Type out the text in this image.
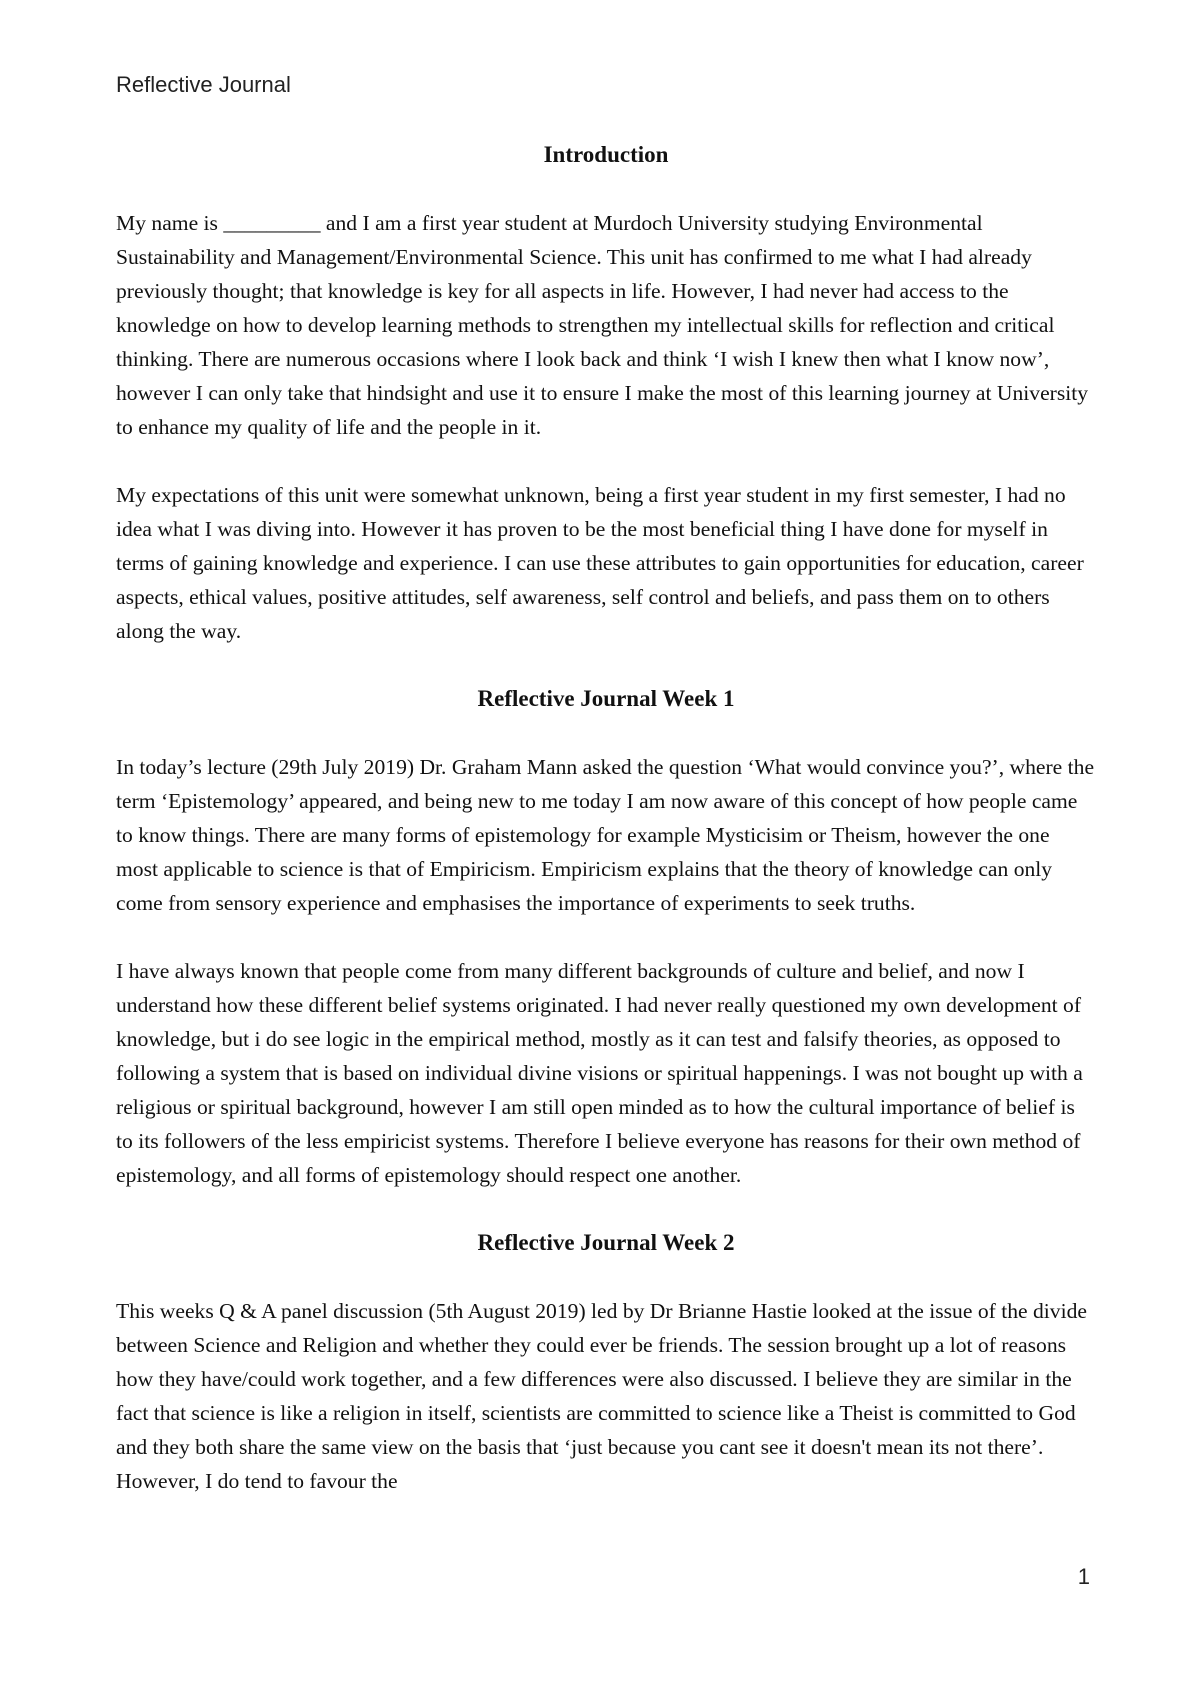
Reflective Journal
Introduction

My name is _________ and I am a first year student at Murdoch University studying Environmental Sustainability and Management/Environmental Science. This unit has confirmed to me what I had already previously thought; that knowledge is key for all aspects in life. However, I had never had access to the knowledge on how to develop learning methods to strengthen my intellectual skills for reflection and critical thinking. There are numerous occasions where I look back and think ‘I wish I knew then what I know now’, however I can only take that hindsight and use it to ensure I make the most of this learning journey at University to enhance my quality of life and the people in it.

My expectations of this unit were somewhat unknown, being a first year student in my first semester, I had no idea what I was diving into. However it has proven to be the most beneficial thing I have done for myself in terms of gaining knowledge and experience. I can use these attributes to gain opportunities for education, career aspects, ethical values, positive attitudes, self awareness, self control and beliefs, and pass them on to others along the way.

Reflective Journal Week 1

In today’s lecture (29th July 2019) Dr. Graham Mann asked the question ‘What would convince you?’, where the term ‘Epistemology’ appeared, and being new to me today I am now aware of this concept of how people came to know things. There are many forms of epistemology for example Mysticisim or Theism, however the one most applicable to science is that of Empiricism. Empiricism explains that the theory of knowledge can only come from sensory experience and emphasises the importance of experiments to seek truths.

I have always known that people come from many different backgrounds of culture and belief, and now I understand how these different belief systems originated. I had never really questioned my own development of knowledge, but i do see logic in the empirical method, mostly as it can test and falsify theories, as opposed to following a system that is based on individual divine visions or spiritual happenings. I was not bought up with a religious or spiritual background, however I am still open minded as to how the cultural importance of belief is to its followers of the less empiricist systems. Therefore I believe everyone has reasons for their own method of epistemology, and all forms of epistemology should respect one another.

Reflective Journal Week 2

This weeks Q & A panel discussion (5th August 2019) led by Dr Brianne Hastie looked at the issue of the divide between Science and Religion and whether they could ever be friends. The session brought up a lot of reasons how they have/could work together, and a few differences were also discussed. I believe they are similar in the fact that science is like a religion in itself, scientists are committed to science like a Theist is committed to God and they both share the same view on the basis that ‘just because you cant see it doesn't mean its not there’. However, I do tend to favour the

1
